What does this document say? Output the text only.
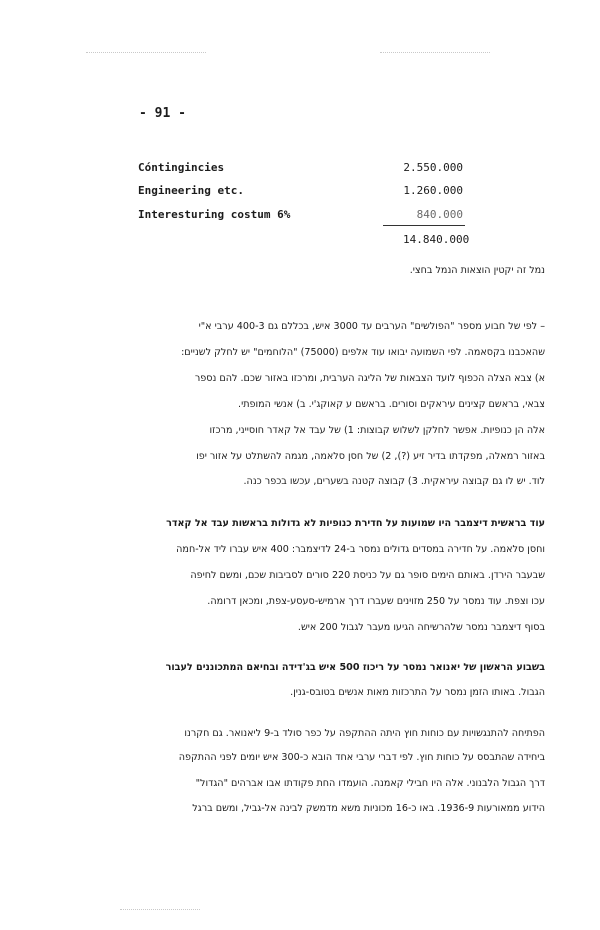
- 91 -
Cóntingincies	2.550.000
Engineering etc.	1.260.000
Interesturing costum 6%	840.000
14.840.000
נמל זה יקטין הוצאות הנמל בחצי.
– לפי של חבוע מספר "הפולשים" הערבים עד 3000 איש, בכללם גם 400-3 ערבי א"י
שהאכבנו בקסאמה. לפי השמועה יבואו עוד אלפים (75000) "הלוחמים" יש לחלק לשניים:
א) צבא הצלה הכפוף לועד הצבאות של הליגה הערבית, ומרכזו באזור שכם. להם נספר
צבאי, בראשם קצינים עיראקים וסורים. בראשם ע קאוקג'י. ב) אנשי המופתי.
אלה הן כנופיות. אפשר לחלקן לשלוש קבוצות: 1) של עבד אל קאדר חוסייני, מרכזו
באזור רמאלה, מפקדתו בדיר זיע (?), 2) של חסן סלאמה, מגמה להשתלט על אזור יפו
לוד. יש לו גם קבוצה עיראקית. 3) קבוצה קטנה בשערים, עכשו בכפר כנה.
עוד בראשית דיצמבר היו שמועות על חדירת כנופיות לא גדולות בראשות עבד אל קאדר
וחסן סלאמה. על חדירה במסדים גדולים נמסר ב-24 לדיצמבר: 400 איש עברו ליד אל-חמה
שבעבר הירדן. באותם הימים סופר גם על כניסת 220 סורים לסביבות שכם, ומשם לחיפה
עכו וצפת. עוד נמסר על 250 מזוינים שעברו דרך ארמיש-סעסע-צפת, ומכאן דרומה.
בסוף דיצמבר נמסר שלהרשיחה הגיעו מעבר לגבול 200 איש.
בשבוע הראשון של יאנואר נמסר על ריכוז 500 איש בג'דידה ובחיאם המתכוננים לעבור
הגבול. באותו הזמן נמסר על התרכזות מאות אנשים בטובס-גנין.
הפתיחה להתנגשויות עם כוחות חוץ היתה ההתקפה על כפר סולד ב-9 ליאנואר. גם חקרנו
ביחידה שהתבסס על כוחות חוץ. לפי דברי ערבי אחד הובא כ-300 איש יומים לפני ההתקפה
דרך הגבול הלבנוני. אלה היו חבילי קאמנה. הועמדו החת פקודתו אבו אברהים "הגדול"
הידוע ממאורעות 1936-9. באו כ-16 מכוניות משא מדמשק לבינה אל-גביל, ומשם ברגל
